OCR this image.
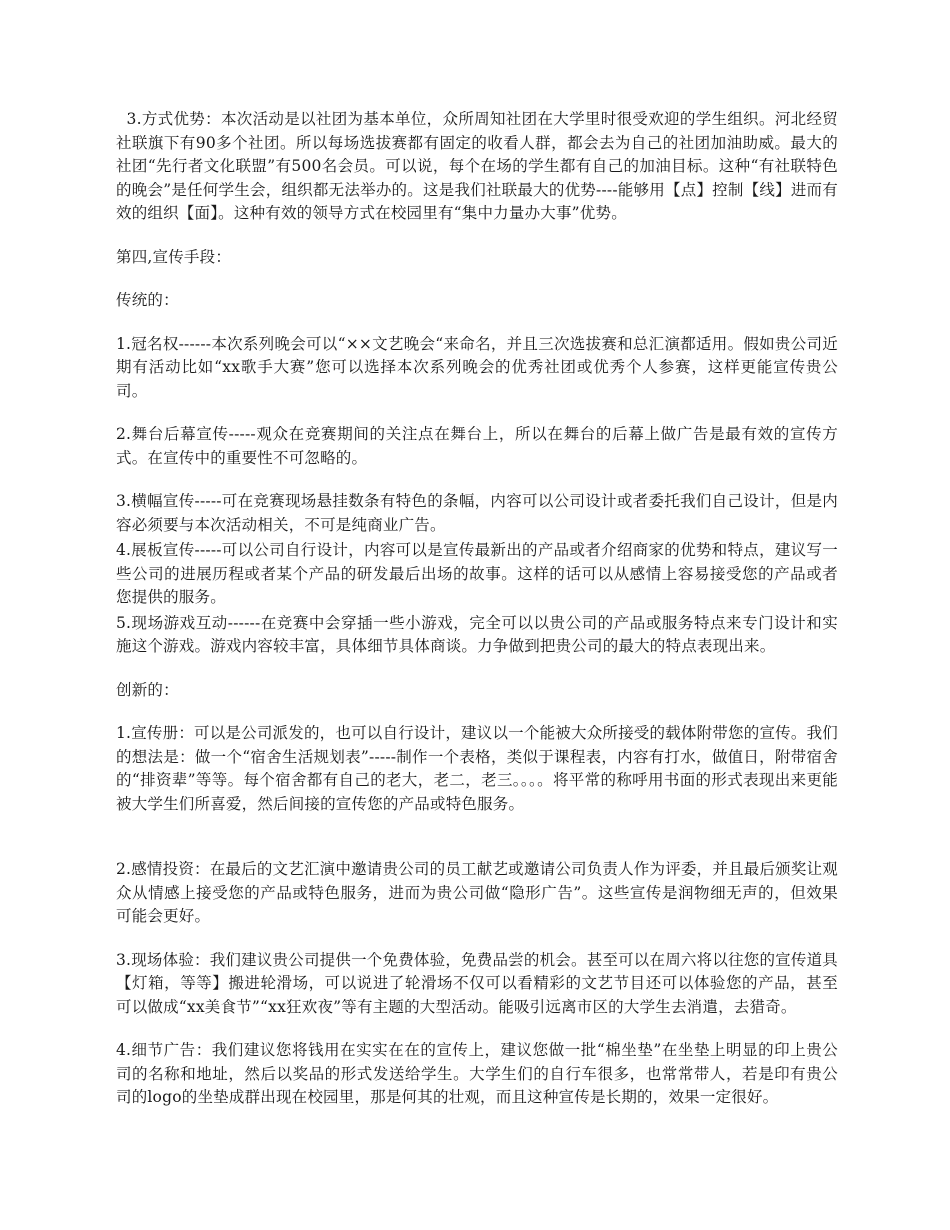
3.方式优势：本次活动是以社团为基本单位，众所周知社团在大学里时很受欢迎的学生组织。河北经贸社联旗下有90多个社团。所以每场选拔赛都有固定的收看人群，都会去为自己的社团加油助威。最大的社团“先行者文化联盟”有500名会员。可以说，每个在场的学生都有自己的加油目标。这种“有社联特色的晚会”是任何学生会，组织都无法举办的。这是我们社联最大的优势----能够用【点】控制【线】进而有效的组织【面】。这种有效的领导方式在校园里有“集中力量办大事”优势。

第四,宣传手段：

传统的：

1.冠名权------本次系列晚会可以“××文艺晚会“来命名，并且三次选拔赛和总汇演都适用。假如贵公司近期有活动比如“xx歌手大赛”您可以选择本次系列晚会的优秀社团或优秀个人参赛，这样更能宣传贵公司。

2.舞台后幕宣传-----观众在竞赛期间的关注点在舞台上，所以在舞台的后幕上做广告是最有效的宣传方式。在宣传中的重要性不可忽略的。

3.横幅宣传-----可在竞赛现场悬挂数条有特色的条幅，内容可以公司设计或者委托我们自己设计，但是内容必须要与本次活动相关，不可是纯商业广告。

4.展板宣传-----可以公司自行设计，内容可以是宣传最新出的产品或者介绍商家的优势和特点，建议写一些公司的进展历程或者某个产品的研发最后出场的故事。这样的话可以从感情上容易接受您的产品或者您提供的服务。

5.现场游戏互动------在竞赛中会穿插一些小游戏，完全可以以贵公司的产品或服务特点来专门设计和实施这个游戏。游戏内容较丰富，具体细节具体商谈。力争做到把贵公司的最大的特点表现出来。

创新的：

1.宣传册：可以是公司派发的，也可以自行设计，建议以一个能被大众所接受的载体附带您的宣传。我们的想法是：做一个“宿舍生活规划表”-----制作一个表格，类似于课程表，内容有打水，做值日，附带宿舍的“排资辈”等等。每个宿舍都有自己的老大，老二，老三。。。。将平常的称呼用书面的形式表现出来更能被大学生们所喜爱，然后间接的宣传您的产品或特色服务。

2.感情投资：在最后的文艺汇演中邀请贵公司的员工献艺或邀请公司负责人作为评委，并且最后颁奖让观众从情感上接受您的产品或特色服务，进而为贵公司做“隐形广告”。这些宣传是润物细无声的，但效果可能会更好。

3.现场体验：我们建议贵公司提供一个免费体验，免费品尝的机会。甚至可以在周六将以往您的宣传道具【灯箱，等等】搬进轮滑场，可以说进了轮滑场不仅可以看精彩的文艺节目还可以体验您的产品，甚至可以做成“xx美食节”“xx狂欢夜”等有主题的大型活动。能吸引远离市区的大学生去消遣，去猎奇。

4.细节广告：我们建议您将钱用在实实在在的宣传上，建议您做一批“棉坐垫”在坐垫上明显的印上贵公司的名称和地址，然后以奖品的形式发送给学生。大学生们的自行车很多，也常常带人，若是印有贵公司的logo的坐垫成群出现在校园里，那是何其的壮观，而且这种宣传是长期的，效果一定很好。
